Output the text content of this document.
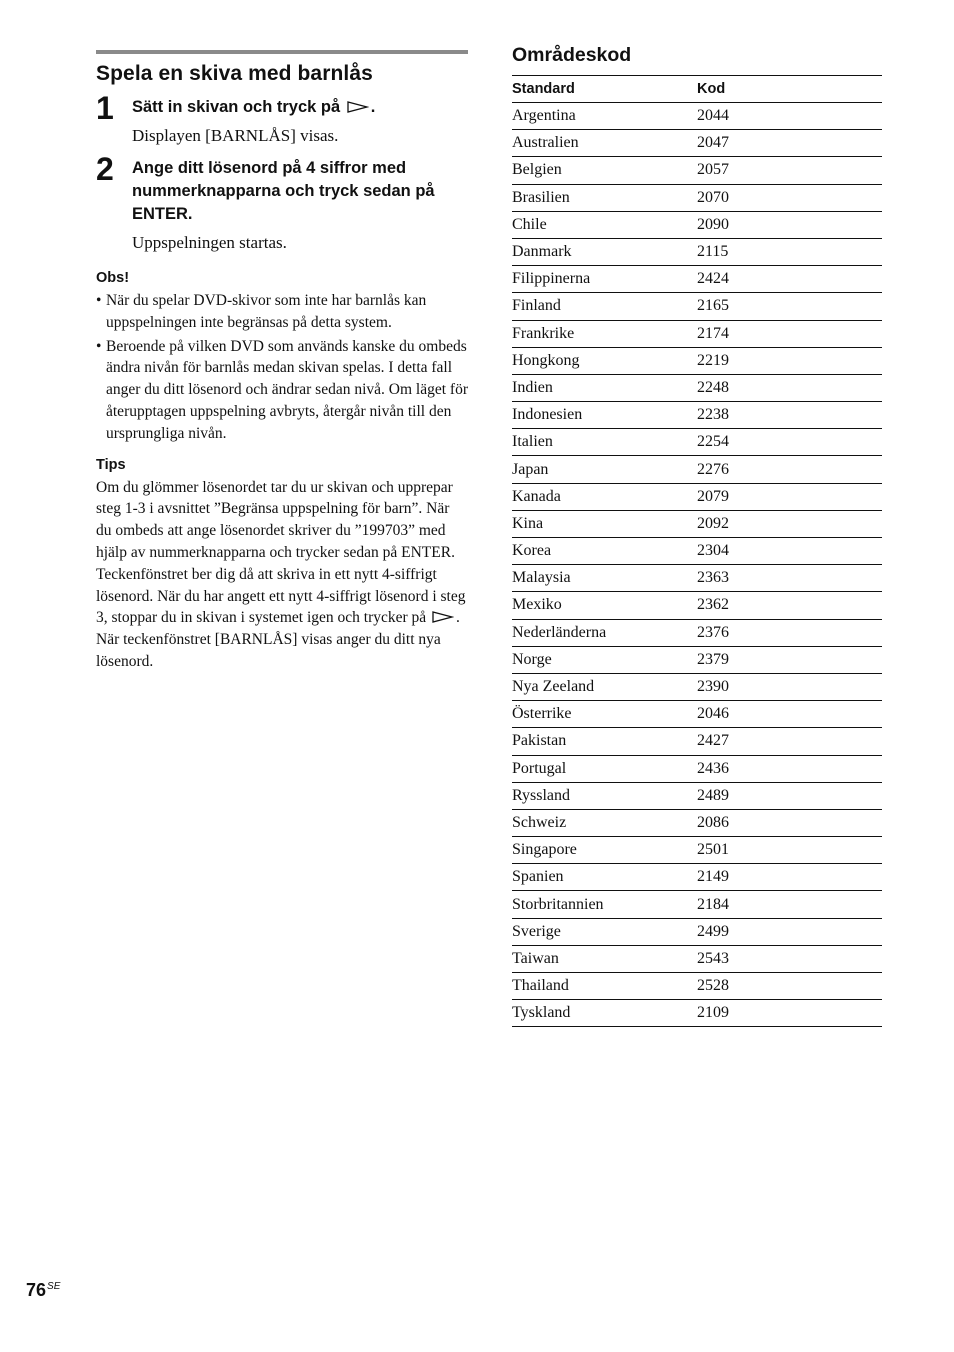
Spela en skiva med barnlås
1 Sätt in skivan och tryck på .
Displayen [BARNLÅS] visas.
2 Ange ditt lösenord på 4 siffror med nummerknapparna och tryck sedan på ENTER.
Uppspelningen startas.
Obs!
• När du spelar DVD-skivor som inte har barnlås kan uppspelningen inte begränsas på detta system.
• Beroende på vilken DVD som används kanske du ombeds ändra nivån för barnlås medan skivan spelas. I detta fall anger du ditt lösenord och ändrar sedan nivå. Om läget för återupptagen uppspelning avbryts, återgår nivån till den ursprungliga nivån.
Tips
Om du glömmer lösenordet tar du ur skivan och upprepar steg 1-3 i avsnittet ”Begränsa uppspelning för barn”. När du ombeds att ange lösenordet skriver du ”199703” med hjälp av nummerknapparna och trycker sedan på ENTER. Teckenfönstret ber dig då att skriva in ett nytt 4-siffrigt lösenord. När du har angett ett nytt 4-siffrigt lösenord i steg 3, stoppar du in skivan i systemet igen och trycker på . När teckenfönstret [BARNLÅS] visas anger du ditt nya lösenord.
Områdeskod
Standard	Kod
Argentina	2044
Australien	2047
Belgien	2057
Brasilien	2070
Chile	2090
Danmark	2115
Filippinerna	2424
Finland	2165
Frankrike	2174
Hongkong	2219
Indien	2248
Indonesien	2238
Italien	2254
Japan	2276
Kanada	2079
Kina	2092
Korea	2304
Malaysia	2363
Mexiko	2362
Nederländerna	2376
Norge	2379
Nya Zeeland	2390
Österrike	2046
Pakistan	2427
Portugal	2436
Ryssland	2489
Schweiz	2086
Singapore	2501
Spanien	2149
Storbritannien	2184
Sverige	2499
Taiwan	2543
Thailand	2528
Tyskland	2109
$76^{SE}$
